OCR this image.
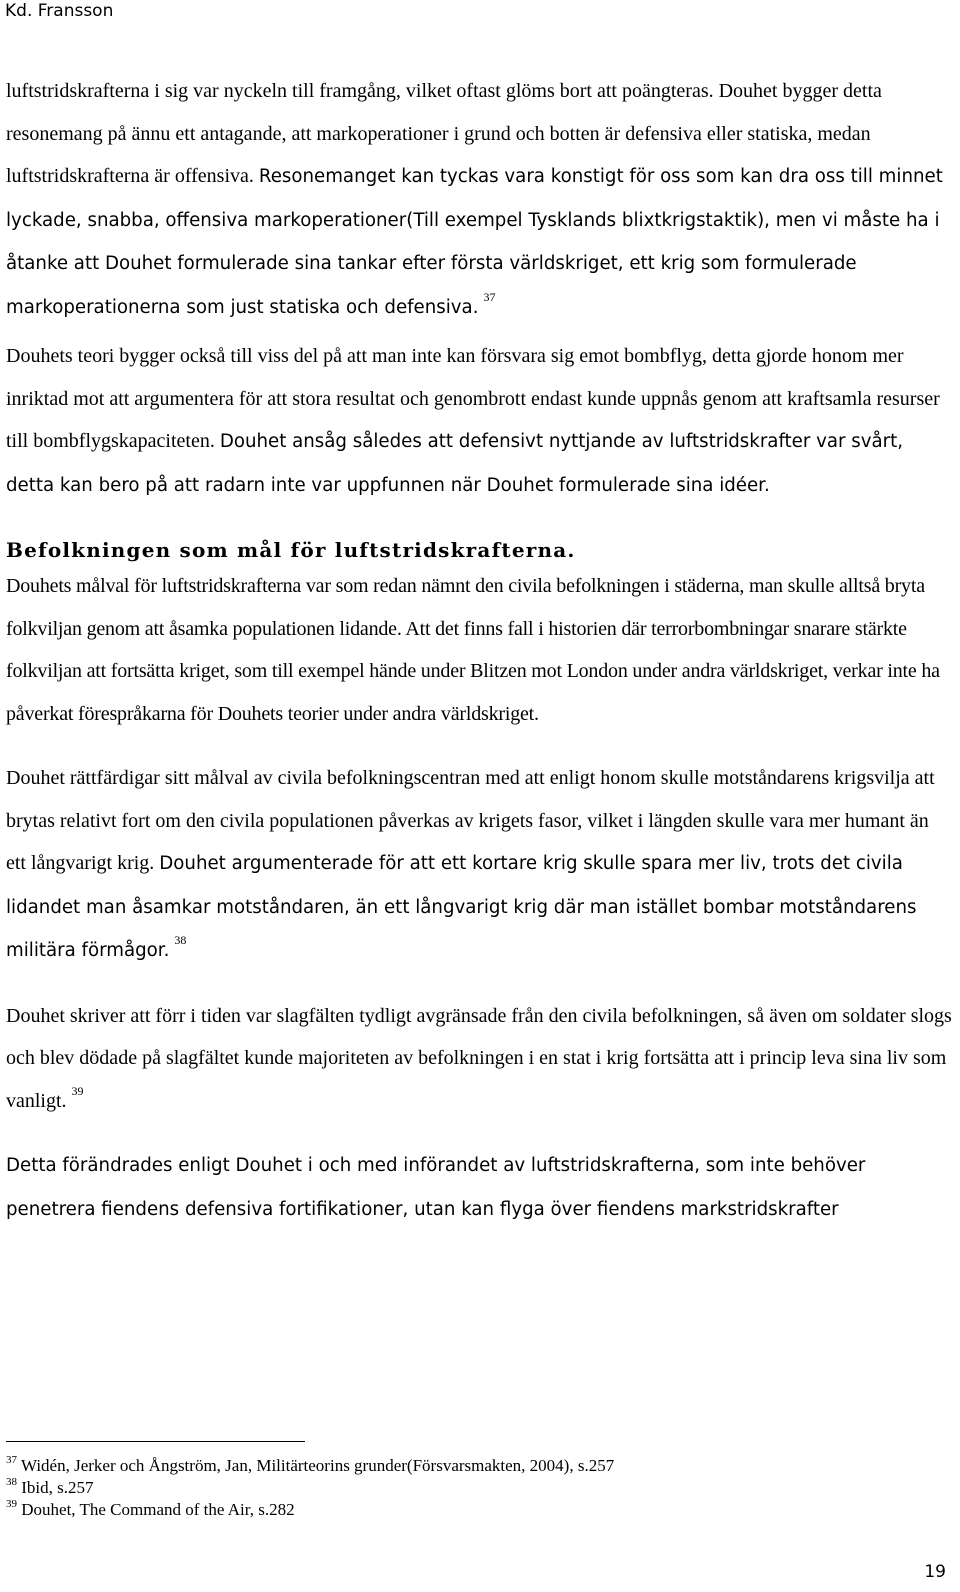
Kd. Fransson

luftstridskrafterna i sig var nyckeln till framgång, vilket oftast glöms bort att poängteras. Douhet bygger detta resonemang på ännu ett antagande, att markoperationer i grund och botten är defensiva eller statiska, medan luftstridskrafterna är offensiva. Resonemanget kan tyckas vara konstigt för oss som kan dra oss till minnet lyckade, snabba, offensiva markoperationer(Till exempel Tysklands blixtkrigstaktik), men vi måste ha i åtanke att Douhet formulerade sina tankar efter första världskriget, ett krig som formulerade markoperationerna som just statiska och defensiva. $^{37}$

Douhets teori bygger också till viss del på att man inte kan försvara sig emot bombflyg, detta gjorde honom mer inriktad mot att argumentera för att stora resultat och genombrott endast kunde uppnås genom att kraftsamla resurser till bombflygskapaciteten. Douhet ansåg således att defensivt nyttjande av luftstridskrafter var svårt, detta kan bero på att radarn inte var uppfunnen när Douhet formulerade sina idéer.

Befolkningen som mål för luftstridskrafterna.

Douhets målval för luftstridskrafterna var som redan nämnt den civila befolkningen i städerna, man skulle alltså bryta folkviljan genom att åsamka populationen lidande. Att det finns fall i historien där terrorbombningar snarare stärkte folkviljan att fortsätta kriget, som till exempel hände under Blitzen mot London under andra världskriget, verkar inte ha påverkat förespråkarna för Douhets teorier under andra världskriget.

Douhet rättfärdigar sitt målval av civila befolkningscentran med att enligt honom skulle motståndarens krigsvilja att brytas relativt fort om den civila populationen påverkas av krigets fasor, vilket i längden skulle vara mer humant än ett långvarigt krig. Douhet argumenterade för att ett kortare krig skulle spara mer liv, trots det civila lidandet man åsamkar motståndaren, än ett långvarigt krig där man istället bombar motståndarens militära förmågor. $^{38}$

Douhet skriver att förr i tiden var slagfälten tydligt avgränsade från den civila befolkningen, så även om soldater slogs och blev dödade på slagfältet kunde majoriteten av befolkningen i en stat i krig fortsätta att i princip leva sina liv som vanligt. $^{39}$

Detta förändrades enligt Douhet i och med införandet av luftstridskrafterna, som inte behöver penetrera fiendens defensiva fortifikationer, utan kan flyga över fiendens markstridskrafter

$^{37}$ Widén, Jerker och Ångström, Jan, Militärteorins grunder(Försvarsmakten, 2004), s.257
$^{38}$ Ibid, s.257
$^{39}$ Douhet, The Command of the Air, s.282
19
